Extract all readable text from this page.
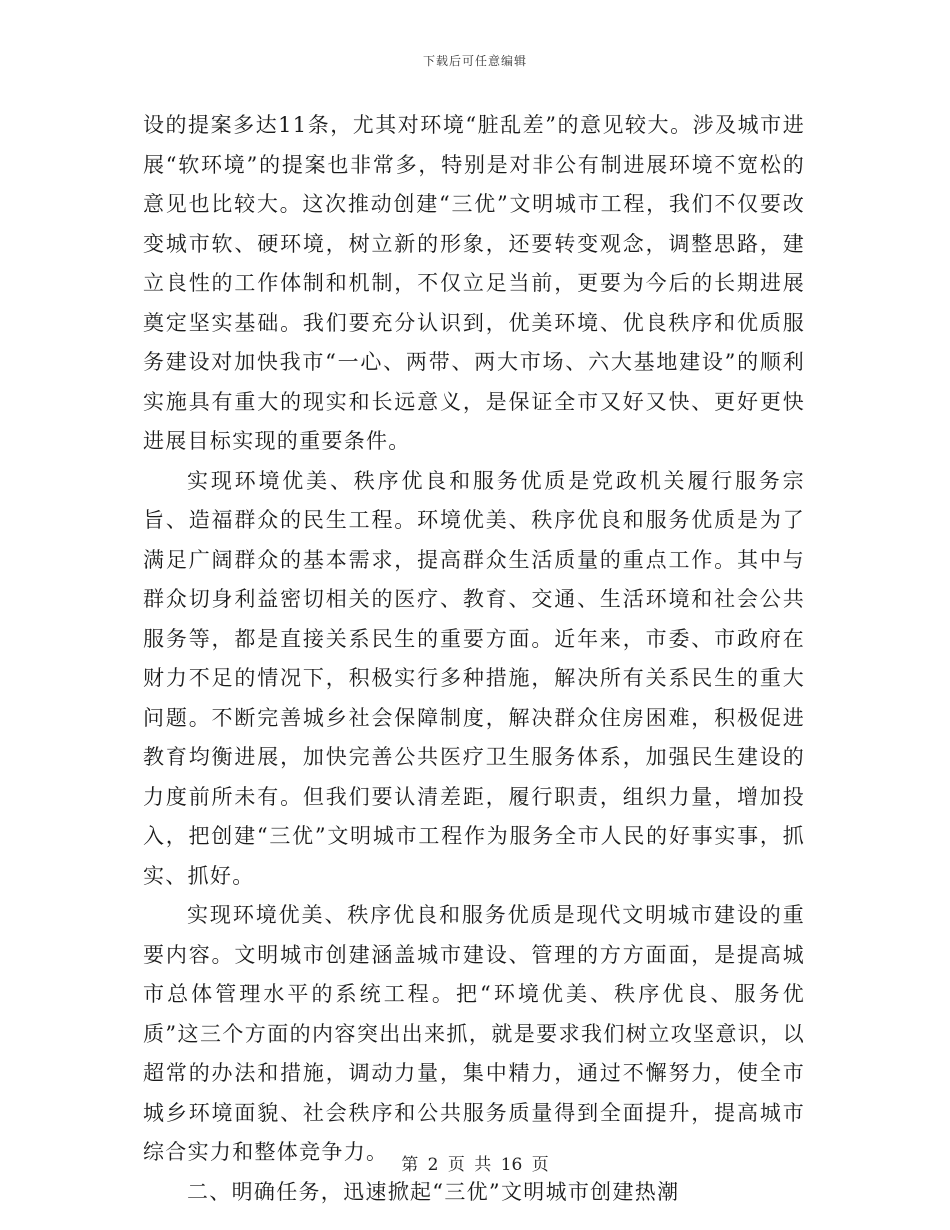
下载后可任意编辑

设的提案多达11条，尤其对环境“脏乱差”的意见较大。涉及城市进展“软环境”的提案也非常多，特别是对非公有制进展环境不宽松的意见也比较大。这次推动创建“三优”文明城市工程，我们不仅要改变城市软、硬环境，树立新的形象，还要转变观念，调整思路，建立良性的工作体制和机制，不仅立足当前，更要为今后的长期进展奠定坚实基础。我们要充分认识到，优美环境、优良秩序和优质服务建设对加快我市“一心、两带、两大市场、六大基地建设”的顺利实施具有重大的现实和长远意义，是保证全市又好又快、更好更快进展目标实现的重要条件。

实现环境优美、秩序优良和服务优质是党政机关履行服务宗旨、造福群众的民生工程。环境优美、秩序优良和服务优质是为了满足广阔群众的基本需求，提高群众生活质量的重点工作。其中与群众切身利益密切相关的医疗、教育、交通、生活环境和社会公共服务等，都是直接关系民生的重要方面。近年来，市委、市政府在财力不足的情况下，积极实行多种措施，解决所有关系民生的重大问题。不断完善城乡社会保障制度，解决群众住房困难，积极促进教育均衡进展，加快完善公共医疗卫生服务体系，加强民生建设的力度前所未有。但我们要认清差距，履行职责，组织力量，增加投入，把创建“三优”文明城市工程作为服务全市人民的好事实事，抓实、抓好。

实现环境优美、秩序优良和服务优质是现代文明城市建设的重要内容。文明城市创建涵盖城市建设、管理的方方面面，是提高城市总体管理水平的系统工程。把“环境优美、秩序优良、服务优质”这三个方面的内容突出出来抓，就是要求我们树立攻坚意识，以超常的办法和措施，调动力量，集中精力，通过不懈努力，使全市城乡环境面貌、社会秩序和公共服务质量得到全面提升，提高城市综合实力和整体竞争力。

二、明确任务，迅速掀起“三优”文明城市创建热潮

第 2 页 共 16 页
